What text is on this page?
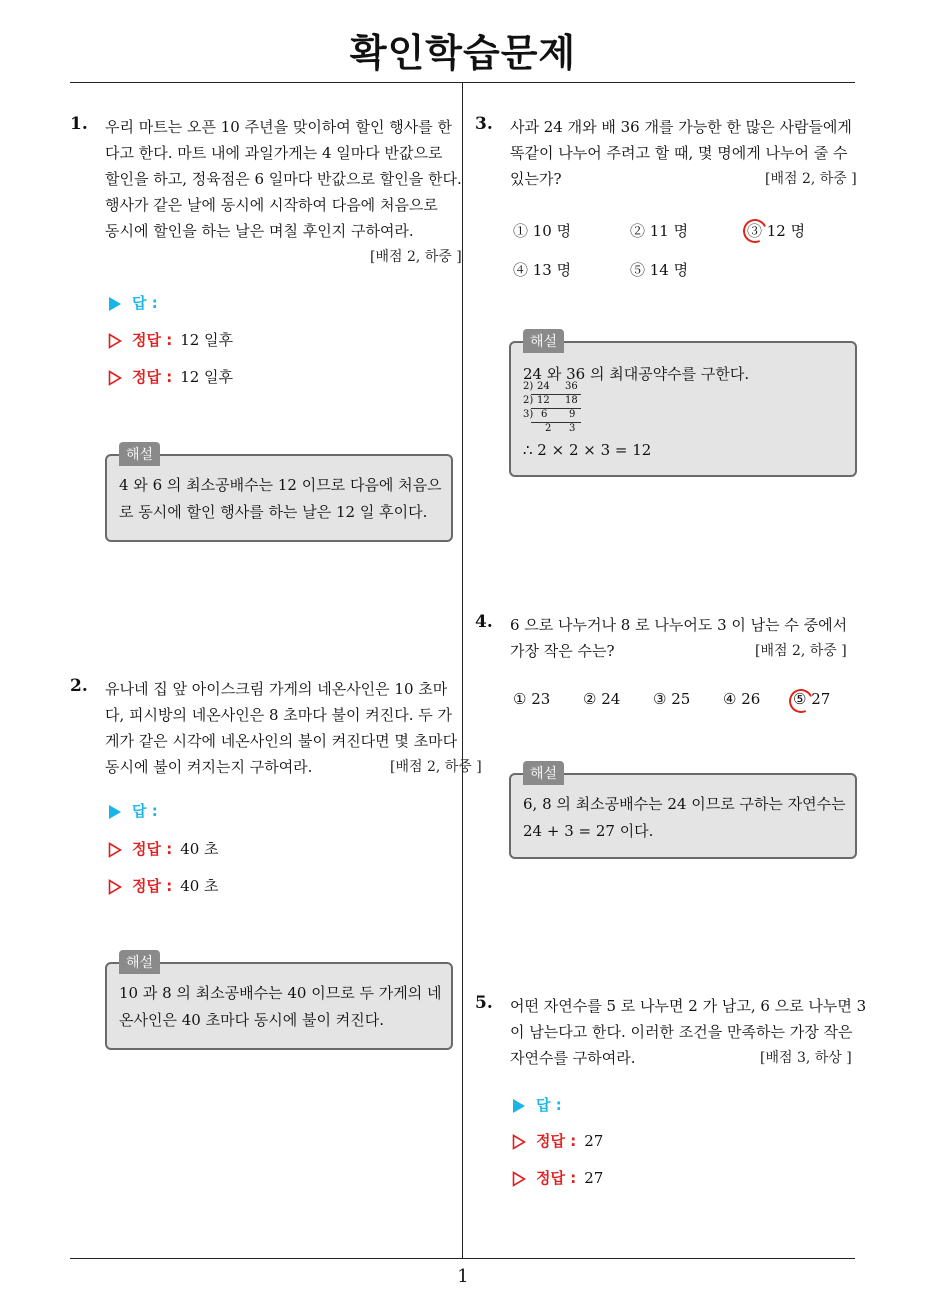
확인학습문제
1
1. 우리 마트는 오픈 10 주년을 맞이하여 할인 행사를 한

다고 한다. 마트 내에 과일가게는 4 일마다 반값으로

할인을 하고, 정육점은 6 일마다 반값으로 할인을 한다.

행사가 같은 날에 동시에 시작하여 다음에 처음으로

동시에 할인을 하는 날은 며칠 후인지 구하여라.

[배점 2, 하중 ]

답 :
정답 : 12 일후
정답 : 12 일후
해설

4 와 6 의 최소공배수는 12 이므로 다음에 처음으

로 동시에 할인 행사를 하는 날은 12 일 후이다.

2. 유나네 집 앞 아이스크림 가게의 네온사인은 10 초마

다, 피시방의 네온사인은 8 초마다 불이 켜진다. 두 가

게가 같은 시각에 네온사인의 불이 켜진다면 몇 초마다

동시에 불이 켜지는지 구하여라.	[배점 2, 하중 ]

답 :
정답 : 40 초
정답 : 40 초
해설

10 과 8 의 최소공배수는 40 이므로 두 가게의 네

온사인은 40 초마다 동시에 불이 켜진다.

3. 사과 24 개와 배 36 개를 가능한 한 많은 사람들에게

똑같이 나누어 주려고 할 때, 몇 명에게 나누어 줄 수

있는가?	[배점 2, 하중 ]

① 10 명	② 11 명	③ 12 명
④ 13 명	⑤ 14 명
해설

24 와 36 의 최대공약수를 구한다.

2) 24 36
2) 12 18
3) 6 9
2 3

∴ 2 × 2 × 3 = 12

4. 6 으로 나누거나 8 로 나누어도 3 이 남는 수 중에서

가장 작은 수는?	[배점 2, 하중 ]

① 23 ② 24 ③ 25 ④ 26 ⑤ 27
해설

6, 8 의 최소공배수는 24 이므로 구하는 자연수는

24 + 3 = 27 이다.

5. 어떤 자연수를 5 로 나누면 2 가 남고, 6 으로 나누면 3

이 남는다고 한다. 이러한 조건을 만족하는 가장 작은

자연수를 구하여라.	[배점 3, 하상 ]

답 :
정답 : 27
정답 : 27
